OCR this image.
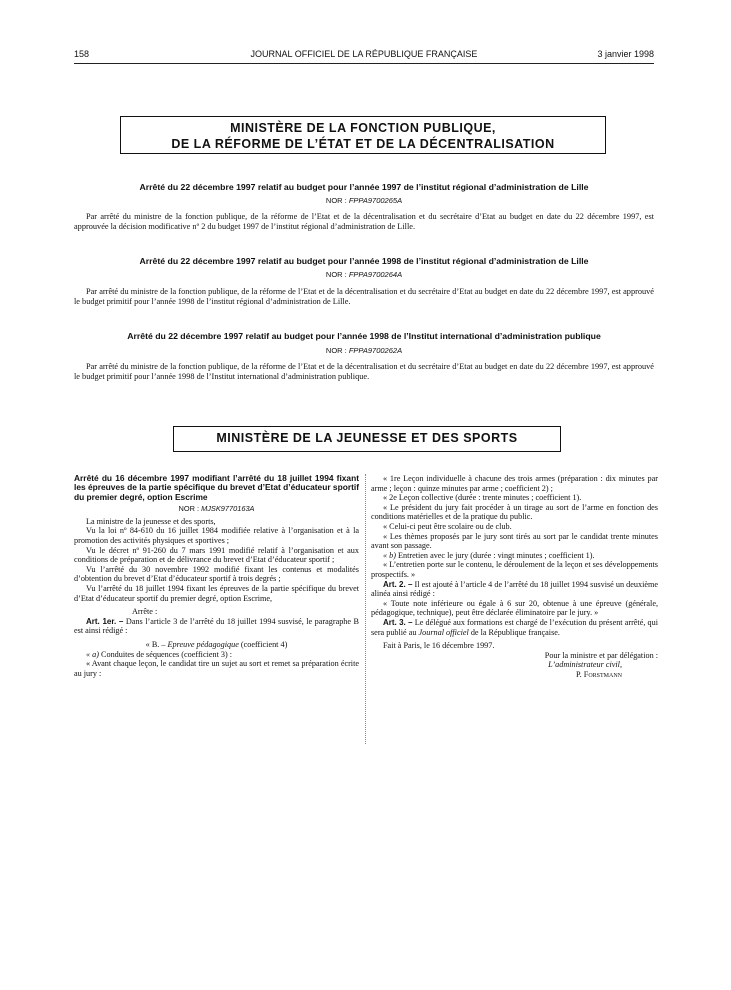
158	JOURNAL OFFICIEL DE LA RÉPUBLIQUE FRANÇAISE	3 janvier 1998
MINISTÈRE DE LA FONCTION PUBLIQUE,
DE LA RÉFORME DE L’ÉTAT ET DE LA DÉCENTRALISATION
Arrêté du 22 décembre 1997 relatif au budget pour l’année 1997 de l’institut régional d’administration de Lille
NOR : FPPA9700265A

Par arrêté du ministre de la fonction publique, de la réforme de l’Etat et de la décentralisation et du secrétaire d’Etat au budget en date du 22 décembre 1997, est approuvée la décision modificative nº 2 du budget 1997 de l’institut régional d’administration de Lille.

Arrêté du 22 décembre 1997 relatif au budget pour l’année 1998 de l’institut régional d’administration de Lille
NOR : FPPA9700264A

Par arrêté du ministre de la fonction publique, de la réforme de l’Etat et de la décentralisation et du secrétaire d’Etat au budget en date du 22 décembre 1997, est approuvé le budget primitif pour l’année 1998 de l’institut régional d’administration de Lille.

Arrêté du 22 décembre 1997 relatif au budget pour l’année 1998 de l’Institut international d’administration publique
NOR : FPPA9700262A

Par arrêté du ministre de la fonction publique, de la réforme de l’Etat et de la décentralisation et du secrétaire d’Etat au budget en date du 22 décembre 1997, est approuvé le budget primitif pour l’année 1998 de l’Institut international d’administration publique.

MINISTÈRE DE LA JEUNESSE ET DES SPORTS

Arrêté du 16 décembre 1997 modifiant l’arrêté du 18 juillet 1994 fixant les épreuves de la partie spécifique du brevet d’Etat d’éducateur sportif du premier degré, option Escrime

NOR : MJSK9770163A

La ministre de la jeunesse et des sports,

Vu la loi nº 84-610 du 16 juillet 1984 modifiée relative à l’organisation et à la promotion des activités physiques et sportives ;

Vu le décret nº 91-260 du 7 mars 1991 modifié relatif à l’organisation et aux conditions de préparation et de délivrance du brevet d’Etat d’éducateur sportif ;

Vu l’arrêté du 30 novembre 1992 modifié fixant les contenus et modalités d’obtention du brevet d’Etat d’éducateur sportif à trois degrés ;

Vu l’arrêté du 18 juillet 1994 fixant les épreuves de la partie spécifique du brevet d’Etat d’éducateur sportif du premier degré, option Escrime,

Arrête :

Art. 1er. – Dans l’article 3 de l’arrêté du 18 juillet 1994 susvisé, le paragraphe B est ainsi rédigé :

« B. – Epreuve pédagogique (coefficient 4)

« a) Conduites de séquences (coefficient 3) :

« Avant chaque leçon, le candidat tire un sujet au sort et remet sa préparation écrite au jury :

« 1re Leçon individuelle à chacune des trois armes (préparation : dix minutes par arme ; leçon : quinze minutes par arme ; coefficient 2) ;

« 2e Leçon collective (durée : trente minutes ; coefficient 1).

« Le président du jury fait procéder à un tirage au sort de l’arme en fonction des conditions matérielles et de la pratique du public.

« Celui-ci peut être scolaire ou de club.

« Les thèmes proposés par le jury sont tirés au sort par le candidat trente minutes avant son passage.

« b) Entretien avec le jury (durée : vingt minutes ; coefficient 1).

« L’entretien porte sur le contenu, le déroulement de la leçon et ses développements prospectifs. »

Art. 2. – Il est ajouté à l’article 4 de l’arrêté du 18 juillet 1994 susvisé un deuxième alinéa ainsi rédigé :

« Toute note inférieure ou égale à 6 sur 20, obtenue à une épreuve (générale, pédagogique, technique), peut être déclarée éliminatoire par le jury. »

Art. 3. – Le délégué aux formations est chargé de l’exécution du présent arrêté, qui sera publié au Journal officiel de la République française.

Fait à Paris, le 16 décembre 1997.

Pour la ministre et par délégation :

L’administrateur civil,

P. Forstmann
